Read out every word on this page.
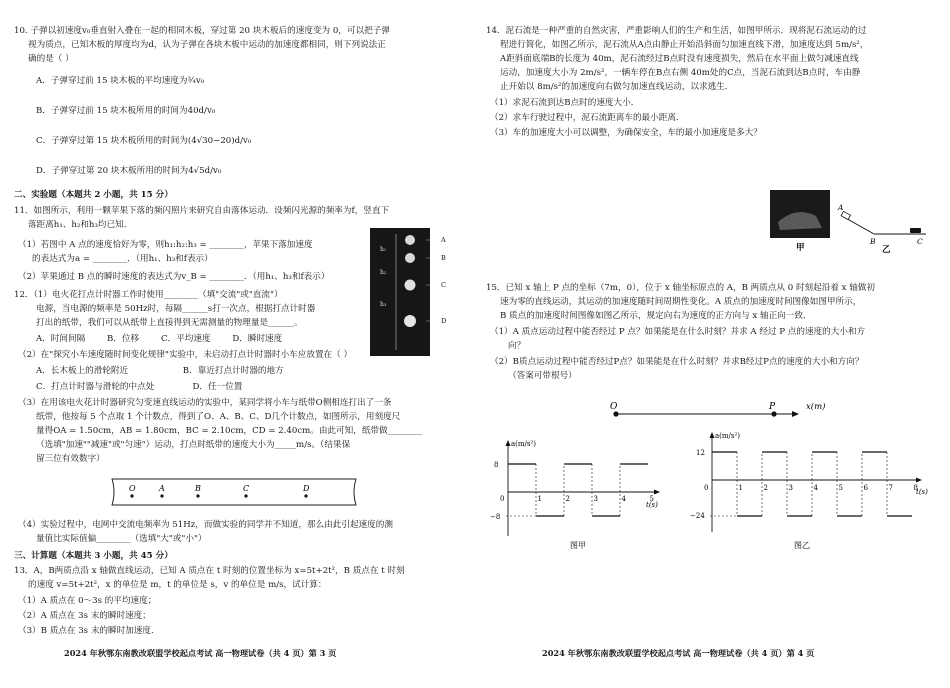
10. 子弹以初速度v₀垂直射入叠在一起的相同木板，穿过第 20 块木板后的速度变为 0，可以把子弹
视为质点，已知木板的厚度均为d，认为子弹在各块木板中运动的加速度都相同，则下列说法正
确的是（ ）
A．子弹穿过前 15 块木板的平均速度为¾v₀
B．子弹穿过前 15 块木板所用的时间为40d/v₀
C．子弹穿过第 15 块木板所用的时间为(4√30−20)d/v₀
D．子弹穿过第 20 块木板所用的时间为4√5d/v₀
二、实验题（本题共 2 小题，共 15 分）
11．如图所示，利用一颗苹果下落的频闪照片来研究自由落体运动．设频闪光源的频率为f，竖直下
落距离h₁、h₂和h₃均已知．
（1）若图中 A 点的速度恰好为零，则h₁:h₂:h₃ = ________，苹果下落加速度
的表达式为a = ________．（用h₁、h₃和f表示）
（2）苹果通过 B 点的瞬时速度的表达式为v_B = ________．（用h₁、h₃和f表示）
A
B
C
D
h₁
h₂
h₃
12．（1）电火花打点计时器工作时使用________（填"交流"或"直流"）
电源，当电源的频率是 50Hz时，每隔______s打一次点，根据打点计时器
打出的纸带，我们可以从纸带上直接得到无需测量的物理量是______。
A．时间间隔        B．位移        C．平均速度        D．瞬时速度
（2）在"探究小车速度随时间变化规律"实验中，未启动打点计时器时小车应放置在（ ）
A．长木板上的滑轮附近                    B．靠近打点计时器的地方
C．打点计时器与滑轮的中点处              D．任一位置
（3）在用该电火花计时器研究匀变速直线运动的实验中，某同学将小车与纸带O侧相连打出了一条
纸带，他按每 5 个点取 1 个计数点，得到了O、A、B、C、D几个计数点，如图所示，用刻度尺
量得OA = 1.50cm，AB = 1.80cm，BC = 2.10cm，CD = 2.40cm。由此可知，纸带做________
（选填"加速""减速"或"匀速"）运动，打点时纸带的速度大小为_____m/s。（结果保
留三位有效数字）
O	A	B	C	D
（4）实验过程中，电网中交流电频率为 51Hz，而做实验的同学并不知道，那么由此引起速度的测
量值比实际值偏________（选填"大"或"小"）
三、计算题（本题共 3 小题，共 45 分）
13．A，B两质点沿 x 轴做直线运动，已知 A 质点在 t 时刻的位置坐标为 x=5t+2t²，B 质点在 t 时刻
的速度 v=5t+2t²，x 的单位是 m，t 的单位是 s，v 的单位是 m/s，试计算：
（1）A 质点在 0～3s 的平均速度；
（2）A 质点在 3s 末的瞬时速度；
（3）B 质点在 3s 末的瞬时加速度．
2024 年秋鄂东南教改联盟学校起点考试 高一物理试卷（共 4 页）第 3 页
14．泥石流是一种严重的自然灾害，严重影响人们的生产和生活，如图甲所示．现将泥石流运动的过
程进行简化，如图乙所示，泥石流从A点由静止开始沿斜面匀加速直线下滑，加速度达到 5m/s²，
A距斜面底端B的长度为 40m，泥石流经过B点时没有速度损失，然后在水平面上做匀减速直线
运动，加速度大小为 2m/s²，一辆车停在B点右侧 40m处的C点，当泥石流到达B点时，车由静
止开始以 8m/s²的加速度向右做匀加速直线运动，以求逃生．
（1）求泥石流到达B点时的速度大小．
（2）求车行驶过程中，泥石流距离车的最小距离．
（3）车的加速度大小可以调整，为确保安全，车的最小加速度是多大？
甲
A
B	C
乙
15．已知 x 轴上 P 点的坐标（7m，0），位于 x 轴坐标原点的 A，B 两质点从 0 时刻起沿着 x 轴做初
速为零的直线运动，其运动的加速度随时间周期性变化。A 质点的加速度时间图像如图甲所示，
B 质点的加速度时间图像如图乙所示，规定向右为速度的正方向与 x 轴正向一致．
（1）A 质点运动过程中能否经过 P 点？如果能是在什么时刻？并求 A 经过 P 点的速度的大小和方
向？
（2）B质点运动过程中能否经过P点？如果能是在什么时刻？并求B经过P点的速度的大小和方向？
（答案可带根号）
O	P	x(m)
a(m/s²)
t(s)
8
−8
0	1	2	3	4	5
图甲
a(m/s²)
t(s)
12
−24
0	1	2	3	4	5	6	7	8
图乙
2024 年秋鄂东南教改联盟学校起点考试 高一物理试卷（共 4 页）第 4 页
